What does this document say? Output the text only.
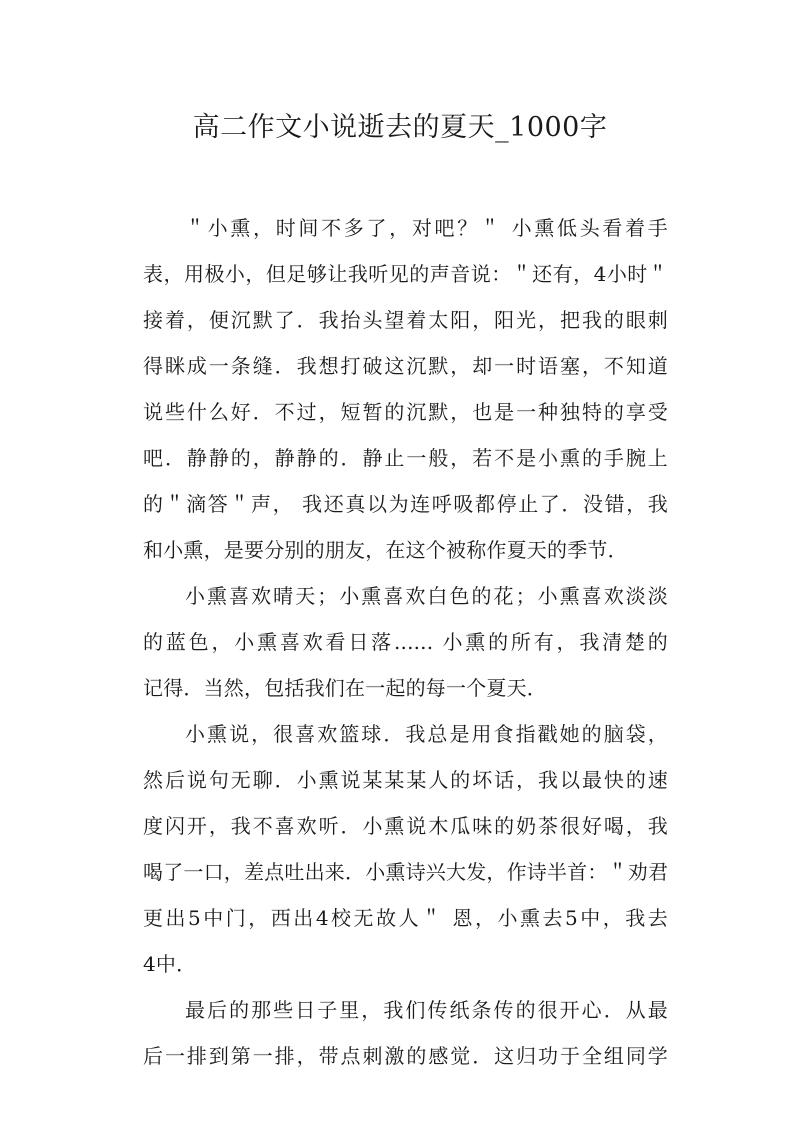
高二作文小说逝去的夏天_1000字
＂小熏，时间不多了，对吧？＂ 小熏低头看着手
表，用极小，但足够让我听见的声音说：＂还有，4小时＂
接着，便沉默了．我抬头望着太阳，阳光，把我的眼刺
得眯成一条缝．我想打破这沉默，却一时语塞，不知道
说些什么好．不过，短暂的沉默，也是一种独特的享受
吧．静静的，静静的．静止一般，若不是小熏的手腕上
的＂滴答＂声， 我还真以为连呼吸都停止了．没错，我
和小熏，是要分别的朋友，在这个被称作夏天的季节．
小熏喜欢晴天；小熏喜欢白色的花；小熏喜欢淡淡
的蓝色，小熏喜欢看日落...... 小熏的所有，我清楚的
记得．当然，包括我们在一起的每一个夏天．
小熏说，很喜欢篮球．我总是用食指戳她的脑袋，
然后说句无聊．小熏说某某某人的坏话，我以最快的速
度闪开，我不喜欢听．小熏说木瓜味的奶茶很好喝，我
喝了一口，差点吐出来．小熏诗兴大发，作诗半首：＂劝君
更出5中门，西出4校无故人＂ 恩，小熏去5中，我去
4中．
最后的那些日子里，我们传纸条传的很开心．从最
后一排到第一排，带点刺激的感觉．这归功于全组同学
